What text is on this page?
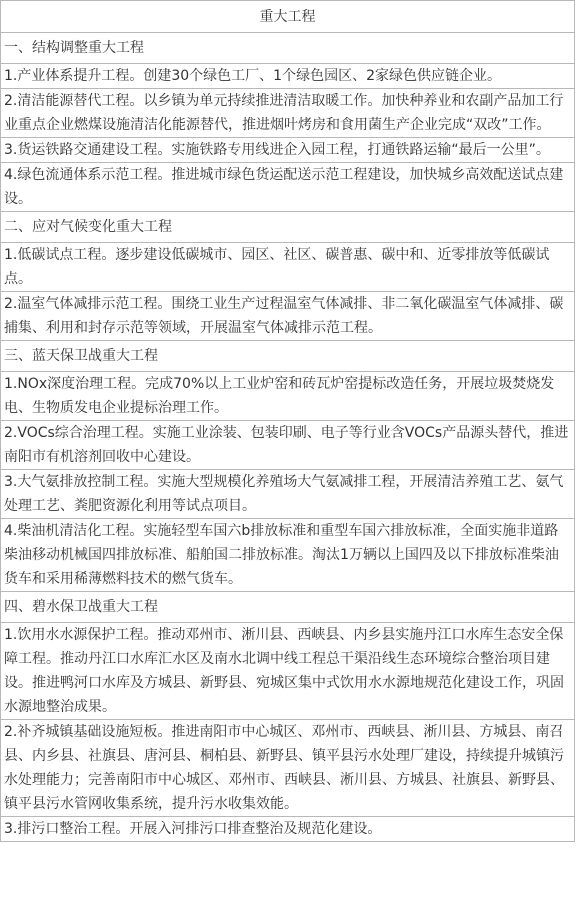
重大工程
一、结构调整重大工程
1.产业体系提升工程。创建30个绿色工厂、1个绿色园区、2家绿色供应链企业。
2.清洁能源替代工程。以乡镇为单元持续推进清洁取暖工作。加快种养业和农副产品加工行业重点企业燃煤设施清洁化能源替代，推进烟叶烤房和食用菌生产企业完成“双改”工作。
3.货运铁路交通建设工程。实施铁路专用线进企入园工程，打通铁路运输“最后一公里”。
4.绿色流通体系示范工程。推进城市绿色货运配送示范工程建设，加快城乡高效配送试点建设。
二、应对气候变化重大工程
1.低碳试点工程。逐步建设低碳城市、园区、社区、碳普惠、碳中和、近零排放等低碳试点。
2.温室气体减排示范工程。围绕工业生产过程温室气体减排、非二氧化碳温室气体减排、碳捕集、利用和封存示范等领域，开展温室气体减排示范工程。
三、蓝天保卫战重大工程
1.NOx深度治理工程。完成70%以上工业炉窑和砖瓦炉窑提标改造任务，开展垃圾焚烧发电、生物质发电企业提标治理工作。
2.VOCs综合治理工程。实施工业涂装、包装印刷、电子等行业含VOCs产品源头替代，推进南阳市有机溶剂回收中心建设。
3.大气氨排放控制工程。实施大型规模化养殖场大气氨减排工程，开展清洁养殖工艺、氨气处理工艺、粪肥资源化利用等试点项目。
4.柴油机清洁化工程。实施轻型车国六b排放标准和重型车国六排放标准，全面实施非道路柴油移动机械国四排放标准、船舶国二排放标准。淘汰1万辆以上国四及以下排放标准柴油货车和采用稀薄燃料技术的燃气货车。
四、碧水保卫战重大工程
1.饮用水水源保护工程。推动邓州市、淅川县、西峡县、内乡县实施丹江口水库生态安全保障工程。推动丹江口水库汇水区及南水北调中线工程总干渠沿线生态环境综合整治项目建设。推进鸭河口水库及方城县、新野县、宛城区集中式饮用水水源地规范化建设工作，巩固水源地整治成果。
2.补齐城镇基础设施短板。推进南阳市中心城区、邓州市、西峡县、淅川县、方城县、南召县、内乡县、社旗县、唐河县、桐柏县、新野县、镇平县污水处理厂建设，持续提升城镇污水处理能力；完善南阳市中心城区、邓州市、西峡县、淅川县、方城县、社旗县、新野县、镇平县污水管网收集系统，提升污水收集效能。
3.排污口整治工程。开展入河排污口排查整治及规范化建设。
